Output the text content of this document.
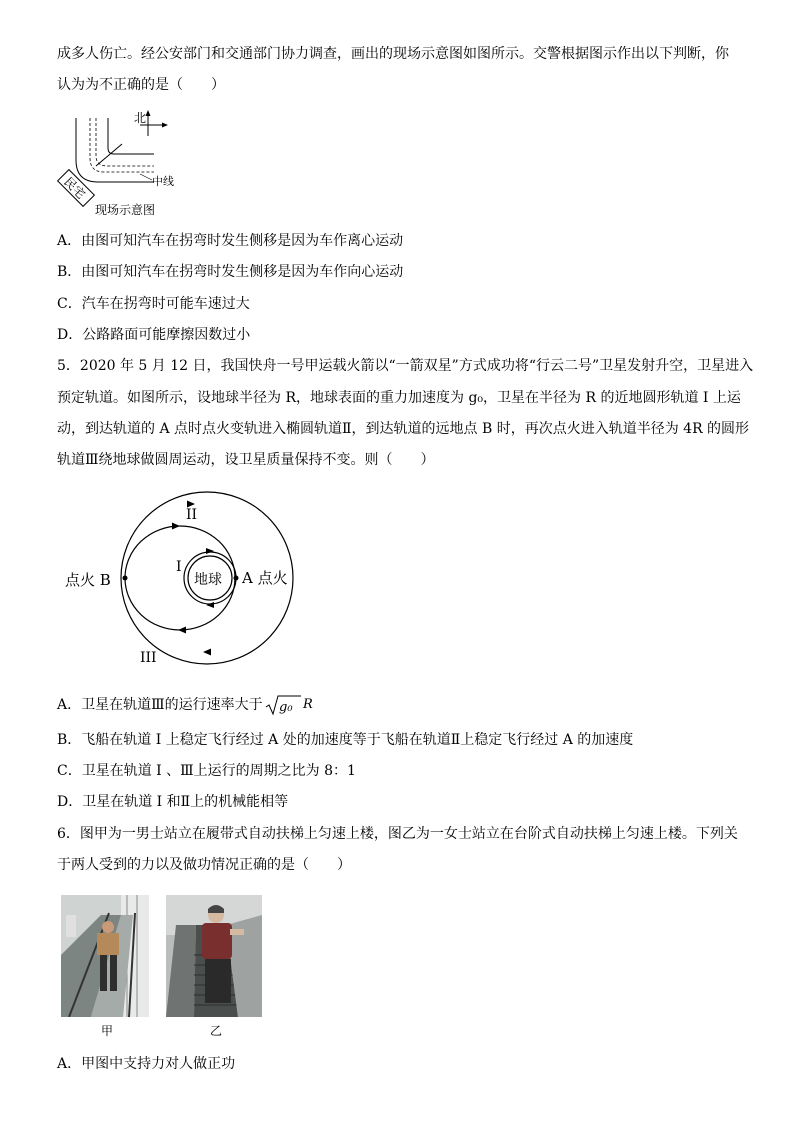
成多人伤亡。经公安部门和交通部门协力调查，画出的现场示意图如图所示。交警根据图示作出以下判断，你
认为为不正确的是（　　）
北
中线
民宅
现场示意图
A．由图可知汽车在拐弯时发生侧移是因为车作离心运动
B．由图可知汽车在拐弯时发生侧移是因为车作向心运动
C．汽车在拐弯时可能车速过大
D．公路路面可能摩擦因数过小
5．2020 年 5 月 12 日，我国快舟一号甲运载火箭以“一箭双星”方式成功将“行云二号”卫星发射升空，卫星进入
预定轨道。如图所示，设地球半径为 R，地球表面的重力加速度为 g₀，卫星在半径为 R 的近地圆形轨道 I 上运
动，到达轨道的 A 点时点火变轨进入椭圆轨道Ⅱ，到达轨道的远地点 B 时，再次点火进入轨道半径为 4R 的圆形
轨道Ⅲ绕地球做圆周运动，设卫星质量保持不变。则（　　）
地球
II
I
III
A 点火
点火 B
A．卫星在轨道Ⅲ的运行速率大于 g₀ R
B．飞船在轨道 I 上稳定飞行经过 A 处的加速度等于飞船在轨道Ⅱ上稳定飞行经过 A 的加速度
C．卫星在轨道 I 、Ⅲ上运行的周期之比为 8：1
D．卫星在轨道 I 和Ⅱ上的机械能相等
6．图甲为一男士站立在履带式自动扶梯上匀速上楼，图乙为一女士站立在台阶式自动扶梯上匀速上楼。下列关
于两人受到的力以及做功情况正确的是（　　）
甲	乙
A．甲图中支持力对人做正功
